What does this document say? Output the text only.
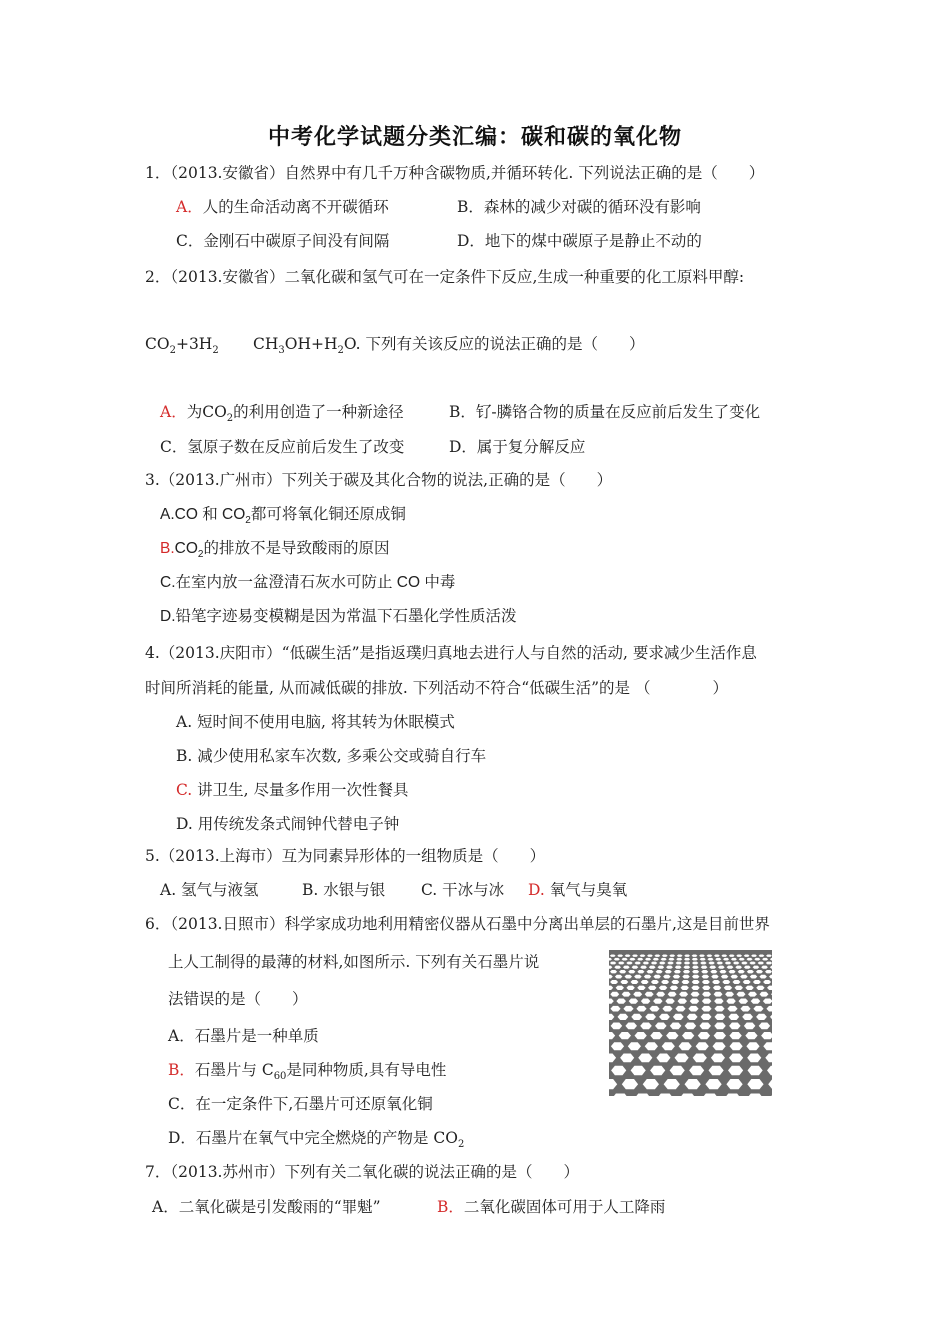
中考化学试题分类汇编：碳和碳的氧化物
1．（2013.安徽省）自然界中有几千万种含碳物质,并循环转化. 下列说法正确的是（　　）
A．人的生命活动离不开碳循环	B．森林的减少对碳的循环没有影响
C．金刚石中碳原子间没有间隔	D．地下的煤中碳原子是静止不动的
2．（2013.安徽省）二氧化碳和氢气可在一定条件下反应,生成一种重要的化工原料甲醇:
$CO_2+3H_2$ $CH_3OH+H_2O$. 下列有关该反应的说法正确的是（　　）
A．为$CO_2$的利用创造了一种新途径	B．钌-膦铬合物的质量在反应前后发生了变化
C．氢原子数在反应前后发生了改变	D．属于复分解反应
3.（2013.广州市）下列关于碳及其化合物的说法,正确的是（　　）
A.CO 和 $CO_2$都可将氧化铜还原成铜
$B.CO_2$的排放不是导致酸雨的原因
C.在室内放一盆澄清石灰水可防止 CO 中毒
D.铅笔字迹易变模糊是因为常温下石墨化学性质活泼
4.（2013.庆阳市）“低碳生活”是指返璞归真地去进行人与自然的活动, 要求减少生活作息
时间所消耗的能量, 从而减低碳的排放. 下列活动不符合“低碳生活”的是 （　　　　）
A. 短时间不使用电脑, 将其转为休眠模式
B. 减少使用私家车次数, 多乘公交或骑自行车
C. 讲卫生, 尽量多作用一次性餐具
D. 用传统发条式闹钟代替电子钟
5.（2013.上海市）互为同素异形体的一组物质是（　　）
A. 氢气与液氢	B. 水银与银 C. 干冰与冰 D. 氧气与臭氧
6．（2013.日照市）科学家成功地利用精密仪器从石墨中分离出单层的石墨片,这是目前世界
上人工制得的最薄的材料,如图所示. 下列有关石墨片说
法错误的是（　　）
A．石墨片是一种单质
B．石墨片与 $C_{60}$是同种物质,具有导电性
C．在一定条件下,石墨片可还原氧化铜
D．石墨片在氧气中完全燃烧的产物是 $CO_2$
7．（2013.苏州市）下列有关二氧化碳的说法正确的是（　　）
A．二氧化碳是引发酸雨的“罪魁”	B．二氧化碳固体可用于人工降雨
